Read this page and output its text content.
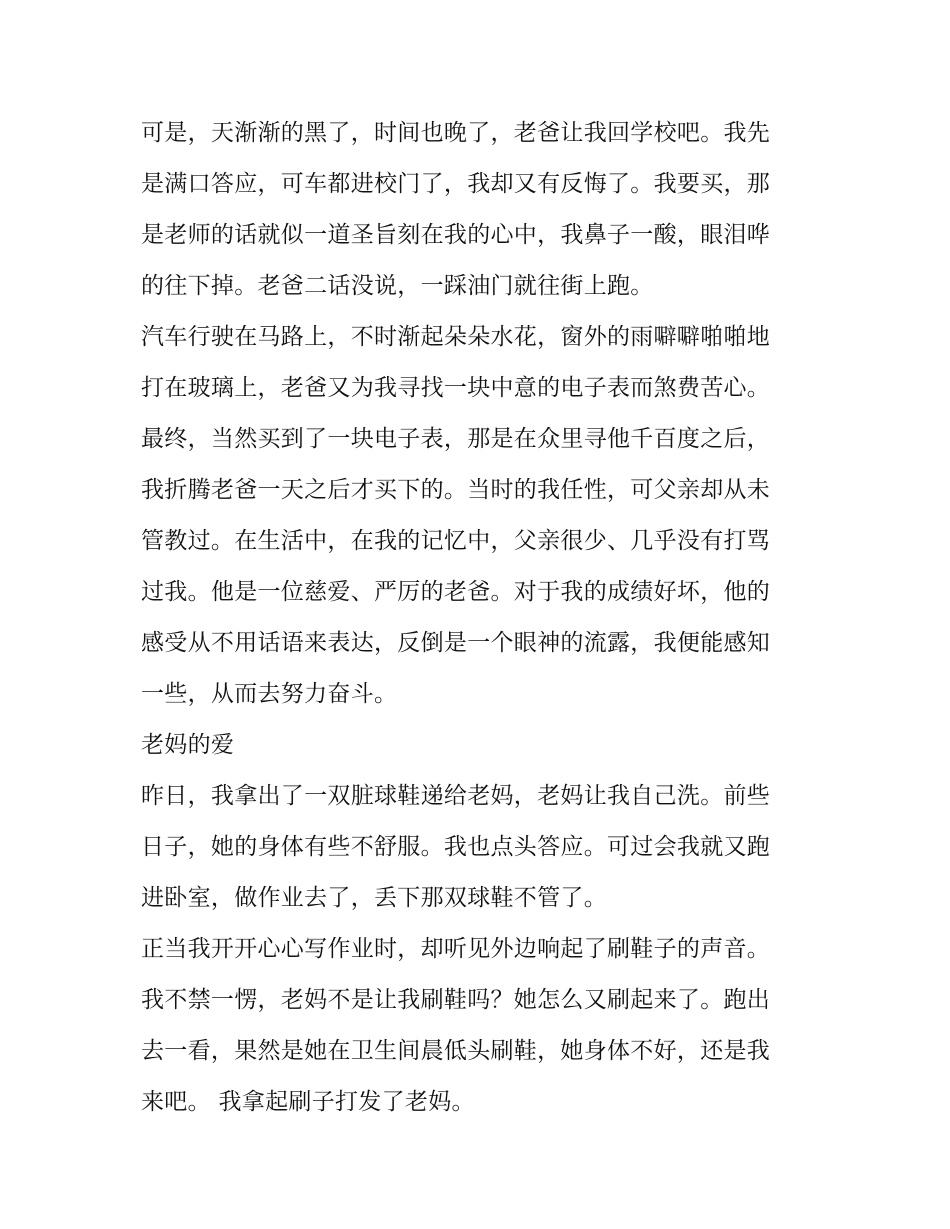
可是，天渐渐的黑了，时间也晚了，老爸让我回学校吧。我先
是满口答应，可车都进校门了，我却又有反悔了。我要买，那
是老师的话就似一道圣旨刻在我的心中，我鼻子一酸，眼泪哗
的往下掉。老爸二话没说，一踩油门就往街上跑。
汽车行驶在马路上，不时渐起朵朵水花，窗外的雨噼噼啪啪地
打在玻璃上，老爸又为我寻找一块中意的电子表而煞费苦心。
最终，当然买到了一块电子表，那是在众里寻他千百度之后，
我折腾老爸一天之后才买下的。当时的我任性，可父亲却从未
管教过。在生活中，在我的记忆中，父亲很少、几乎没有打骂
过我。他是一位慈爱、严厉的老爸。对于我的成绩好坏，他的
感受从不用话语来表达，反倒是一个眼神的流露，我便能感知
一些，从而去努力奋斗。
老妈的爱
昨日，我拿出了一双脏球鞋递给老妈，老妈让我自己洗。前些
日子，她的身体有些不舒服。我也点头答应。可过会我就又跑
进卧室，做作业去了，丢下那双球鞋不管了。
正当我开开心心写作业时，却听见外边响起了刷鞋子的声音。
我不禁一愣，老妈不是让我刷鞋吗？她怎么又刷起来了。跑出
去一看，果然是她在卫生间晨低头刷鞋，她身体不好，还是我
来吧。 我拿起刷子打发了老妈。
